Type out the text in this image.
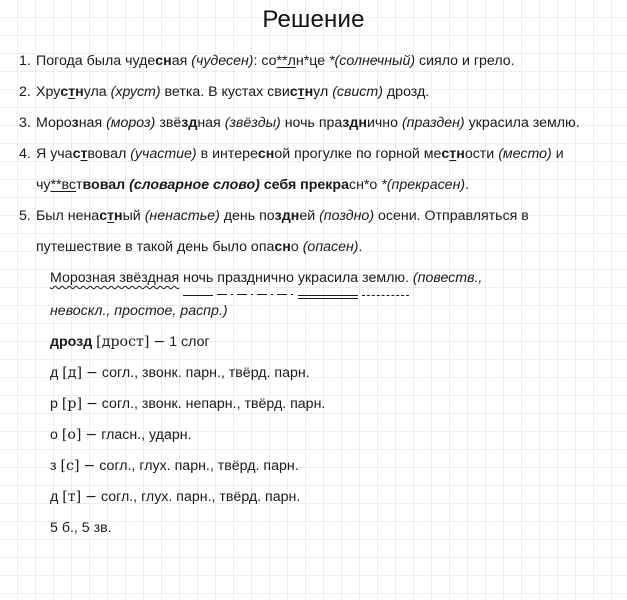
Решение
1. Погода была чудесная (чудесен): со**лн*це *(солнечный) сияло и грело.
2. Хрустнула (хруст) ветка. В кустах свистнул (свист) дрозд.
3. Морозная (мороз) звёздная (звёзды) ночь празднично (празден) украсила землю.
4. Я участвовал (участие) в интересной прогулке по горной местности (место) и чу**вствовал (словарное слово) себя прекрасн*о *(прекрасен).
5. Был ненастный (ненастье) день поздней (поздно) осени. Отправляться в путешествие в такой день было опасно (опасен).

Морозная звёздная ночь празднично украсила землю. (повеств.,

невоскл., простое, распр.)

дрозд [дрост] − 1 слог

д [д] − согл., звонк. парн., твёрд. парн.

р [р] − согл., звонк. непарн., твёрд. парн.

о [о] − гласн., ударн.

з [с] − согл., глух. парн., твёрд. парн.

д [т] − согл., глух. парн., твёрд. парн.

5 б., 5 зв.
